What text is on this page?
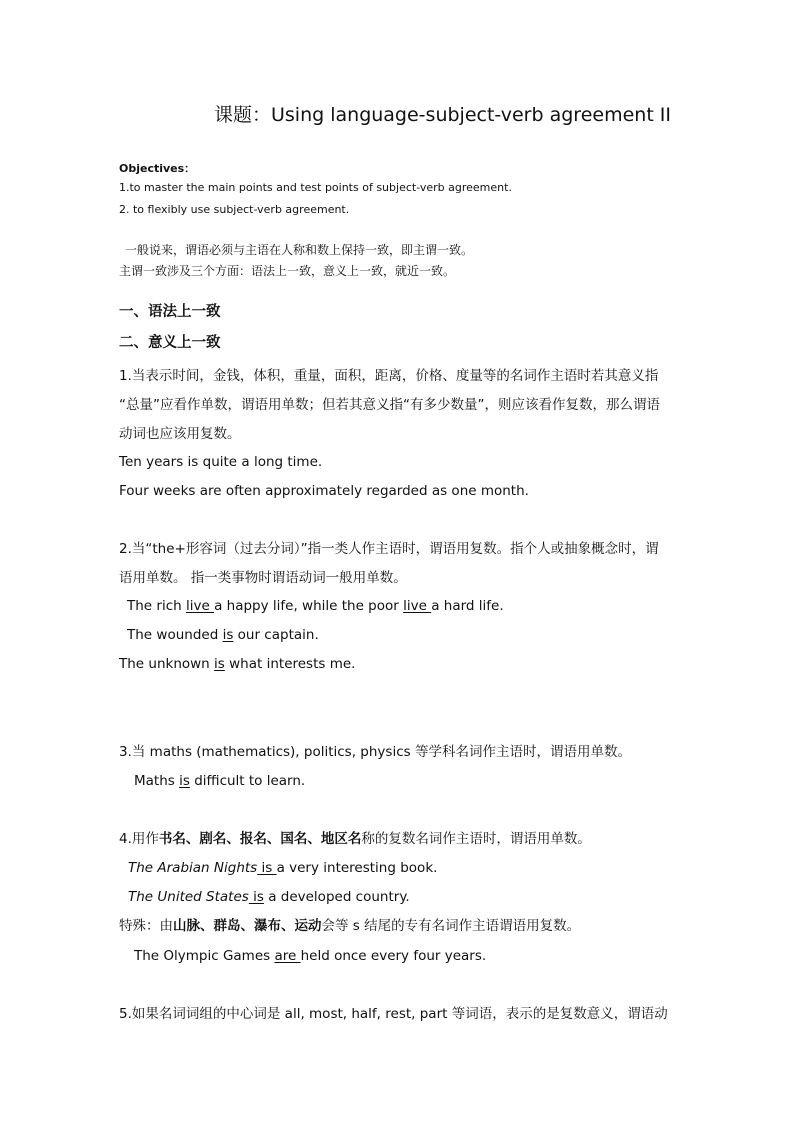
课题：Using language-subject-verb agreement II
Objectives：
1.to master the main points and test points of subject-verb agreement.
2. to flexibly use subject-verb agreement.
一般说来，谓语必须与主语在人称和数上保持一致，即主谓一致。
主谓一致涉及三个方面：语法上一致，意义上一致，就近一致。
一、语法上一致
二、意义上一致
1.当表示时间，金钱，体积，重量，面积，距离，价格、度量等的名词作主语时若其意义指
“总量”应看作单数，谓语用单数；但若其意义指“有多少数量”，则应该看作复数，那么谓语
动词也应该用复数。
Ten years is quite a long time.
Four weeks are often approximately regarded as one month.
2.当“the+形容词（过去分词）”指一类人作主语时，谓语用复数。指个人或抽象概念时，谓
语用单数。 指一类事物时谓语动词一般用单数。
The rich live a happy life, while the poor live a hard life.
The wounded is our captain.
The unknown is what interests me.
3.当 maths (mathematics), politics, physics 等学科名词作主语时，谓语用单数。
Maths is difficult to learn.
4.用作书名、剧名、报名、国名、地区名称的复数名词作主语时，谓语用单数。
The Arabian Nights is a very interesting book.
The United States is a developed country.
特殊：由山脉、群岛、瀑布、运动会等 s 结尾的专有名词作主语谓语用复数。
The Olympic Games are held once every four years.
5.如果名词词组的中心词是 all, most, half, rest, part 等词语，表示的是复数意义，谓语动
